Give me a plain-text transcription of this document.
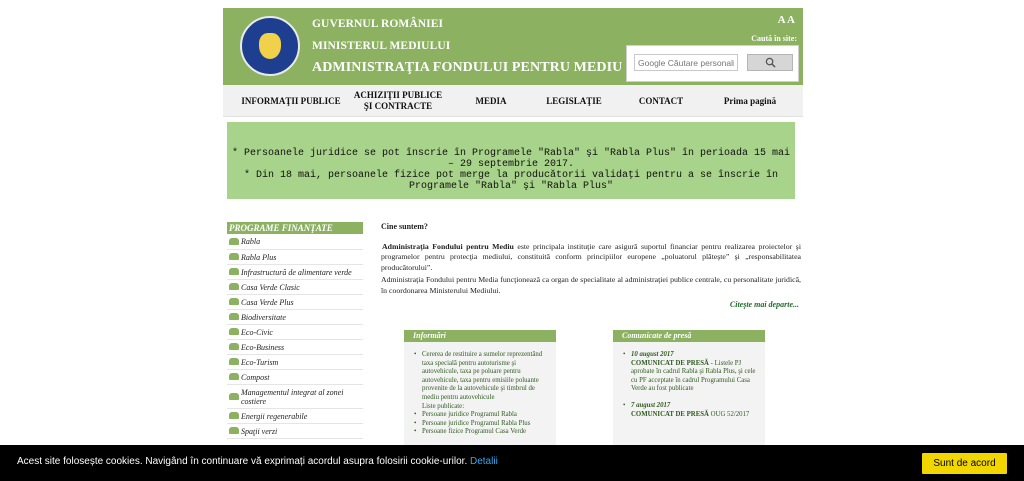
GUVERNUL ROMÂNIEI
MINISTERUL MEDIULUI
ADMINISTRAŢIA FONDULUI PENTRU MEDIU
A A
Caută în site:
Google Căutare personaliz
INFORMAŢII PUBLICE
ACHIZIŢII PUBLICE ŞI CONTRACTE
MEDIA	LEGISLAŢIE	CONTACT	Prima pagină
* Persoanele juridice se pot înscrie în Programele "Rabla" şi "Rabla Plus" în perioada 15 mai – 29 septembrie 2017.
* Din 18 mai, persoanele fizice pot merge la producătorii validaţi pentru a se înscrie în Programele "Rabla" şi "Rabla Plus"
PROGRAME FINANŢATE
Rabla
Rabla Plus
Infrastructură de alimentare verde
Casa Verde Clasic
Casa Verde Plus
Biodiversitate
Eco-Civic
Eco-Business
Eco-Turism
Compost
Managementul integrat al zonei costiere
Energii regenerabile
Spaţii verzi
Cine suntem?

Administraţia Fondului pentru Mediu este principala instituţie care asigură suportul financiar pentru realizarea proiectelor şi programelor pentru protecţia mediului, constituită conform principiilor europene „poluatorul plăteşte” şi „responsabilitatea producătorului”.

Administraţia Fondului pentru Media funcţionează ca organ de specialitate al administraţiei publice centrale, cu personalitate juridică, în coordonarea Ministerului Mediului.

Citeşte mai departe...
Informări
• Cererea de restituire a sumelor reprezentând taxa specială pentru autoturisme şi autovehicule, taxa pe poluare pentru autovehicule, taxa pentru emisiile poluante provenite de la autovehicule şi timbrul de mediu pentru autovehicule
Liste publicate:
• Persoane juridice Programul Rabla
• Persoane juridice Programul Rabla Plus
• Persoane fizice Programul Casa Verde
Comunicate de presă
• 10 august 2017
COMUNICAT DE PRESĂ - Listele PJ aprobate în cadrul Rabla şi Rabla Plus, şi cele cu PF acceptate în cadrul Programului Casa Verde au fost publicate
• 7 august 2017
COMUNICAT DE PRESĂ OUG 52/2017
Acest site folosește cookies. Navigând în continuare vă exprimați acordul asupra folosirii cookie-urilor. Detalii	Sunt de acord
